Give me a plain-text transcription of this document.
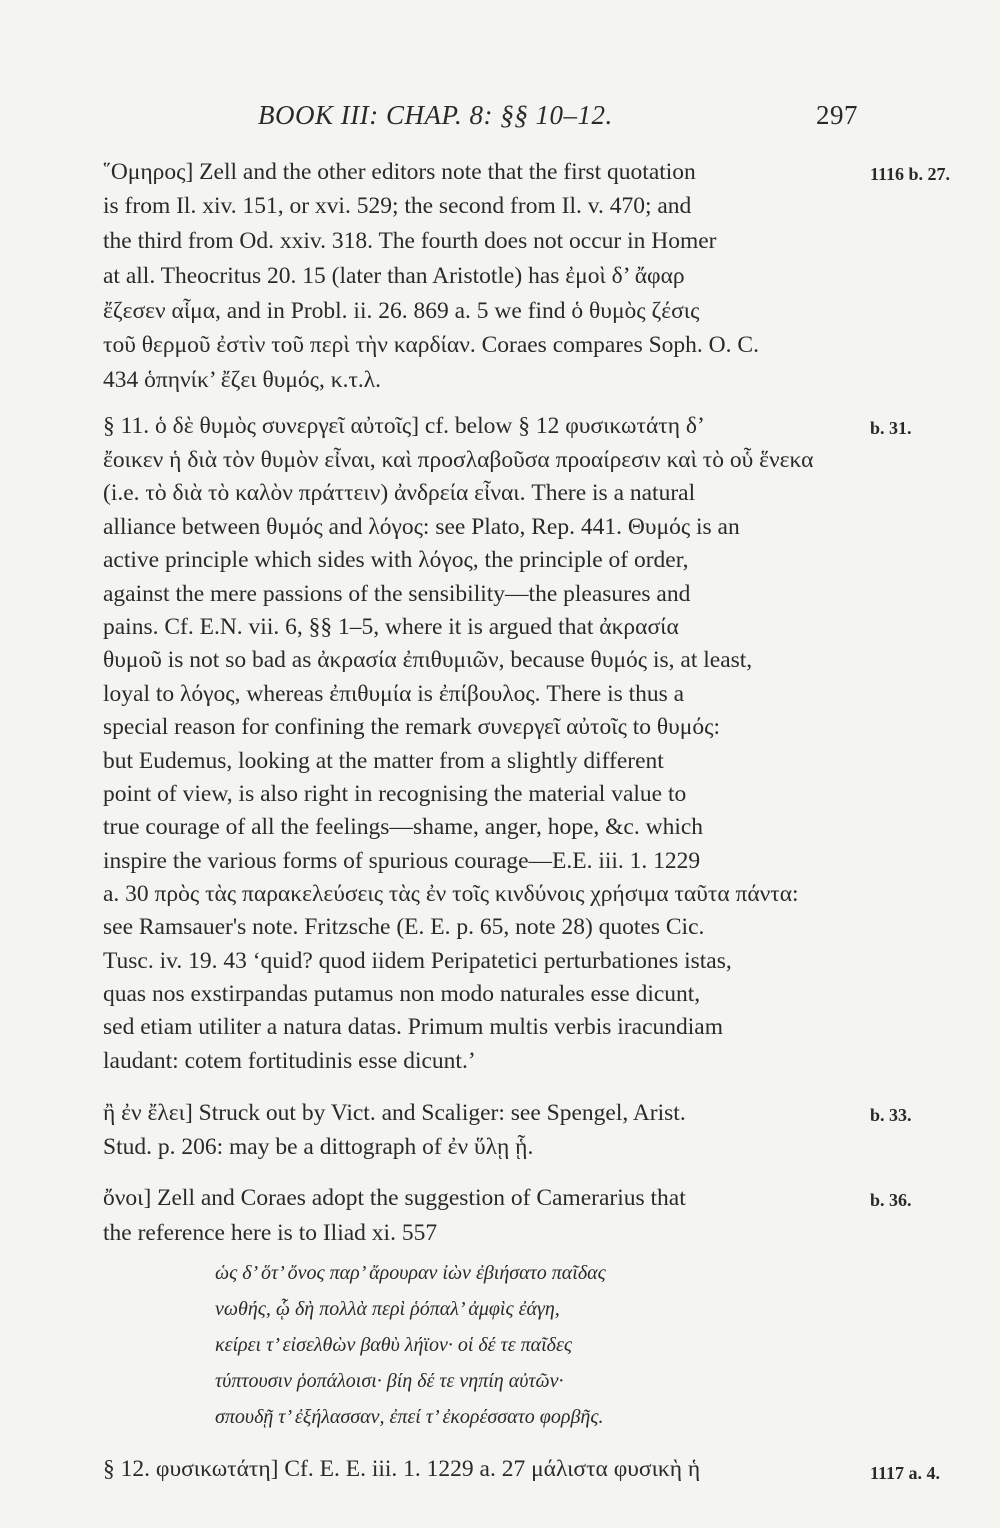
BOOK III: CHAP. 8: §§ 10–12.	297
῞Ομηρος] Zell and the other editors note that the first quotation
is from Il. xiv. 151, or xvi. 529; the second from Il. v. 470; and
the third from Od. xxiv. 318. The fourth does not occur in Homer
at all. Theocritus 20. 15 (later than Aristotle) has ἐμοὶ δ’ ἄφαρ
ἔζεσεν αἷμα, and in Probl. ii. 26. 869 a. 5 we find ὁ θυμὸς ζέσις
τοῦ θερμοῦ ἐστὶν τοῦ περὶ τὴν καρδίαν. Coraes compares Soph. O. C.
434 ὁπηνίκ’ ἔζει θυμός, κ.τ.λ.
§ 11. ὁ δὲ θυμὸς συνεργεῖ αὐτοῖς] cf. below § 12 φυσικωτάτη δ’
ἔοικεν ἡ διὰ τὸν θυμὸν εἶναι, καὶ προσλαβοῦσα προαίρεσιν καὶ τὸ οὗ ἕνεκα
(i.e. τὸ διὰ τὸ καλὸν πράττειν) ἀνδρεία εἶναι. There is a natural
alliance between θυμός and λόγος: see Plato, Rep. 441. Θυμός is an
active principle which sides with λόγος, the principle of order,
against the mere passions of the sensibility—the pleasures and
pains. Cf. E.N. vii. 6, §§ 1–5, where it is argued that ἀκρασία
θυμοῦ is not so bad as ἀκρασία ἐπιθυμιῶν, because θυμός is, at least,
loyal to λόγος, whereas ἐπιθυμία is ἐπίβουλος. There is thus a
special reason for confining the remark συνεργεῖ αὐτοῖς to θυμός:
but Eudemus, looking at the matter from a slightly different
point of view, is also right in recognising the material value to
true courage of all the feelings—shame, anger, hope, &c. which
inspire the various forms of spurious courage—E.E. iii. 1. 1229
a. 30 πρὸς τὰς παρακελεύσεις τὰς ἐν τοῖς κινδύνοις χρήσιμα ταῦτα πάντα:
see Ramsauer's note. Fritzsche (E. E. p. 65, note 28) quotes Cic.
Tusc. iv. 19. 43 ‘quid? quod iidem Peripatetici perturbationes istas,
quas nos exstirpandas putamus non modo naturales esse dicunt,
sed etiam utiliter a natura datas. Primum multis verbis iracundiam
laudant: cotem fortitudinis esse dicunt.’
ἢ ἐν ἔλει] Struck out by Vict. and Scaliger: see Spengel, Arist.
Stud. p. 206: may be a dittograph of ἐν ὕλῃ ᾗ.
ὄνοι] Zell and Coraes adopt the suggestion of Camerarius that
the reference here is to Iliad xi. 557
ὡς δ’ ὅτ’ ὄνος παρ’ ἄρουραν ἰὼν ἐβιήσατο παῖδας
νωθής, ᾧ δὴ πολλὰ περὶ ῥόπαλ’ ἀμφὶς ἐάγη,
κείρει τ’ εἰσελθὼν βαθὺ λήϊον· οἱ δέ τε παῖδες
τύπτουσιν ῥοπάλοισι· βίη δέ τε νηπίη αὐτῶν·
σπουδῇ τ’ ἐξήλασσαν, ἐπεί τ’ ἐκορέσσατο φορβῆς.
§ 12. φυσικωτάτη] Cf. E. E. iii. 1. 1229 a. 27 μάλιστα φυσικὴ ἡ
1116 b. 27.
b. 31.
b. 33.
b. 36.
1117 a. 4.
